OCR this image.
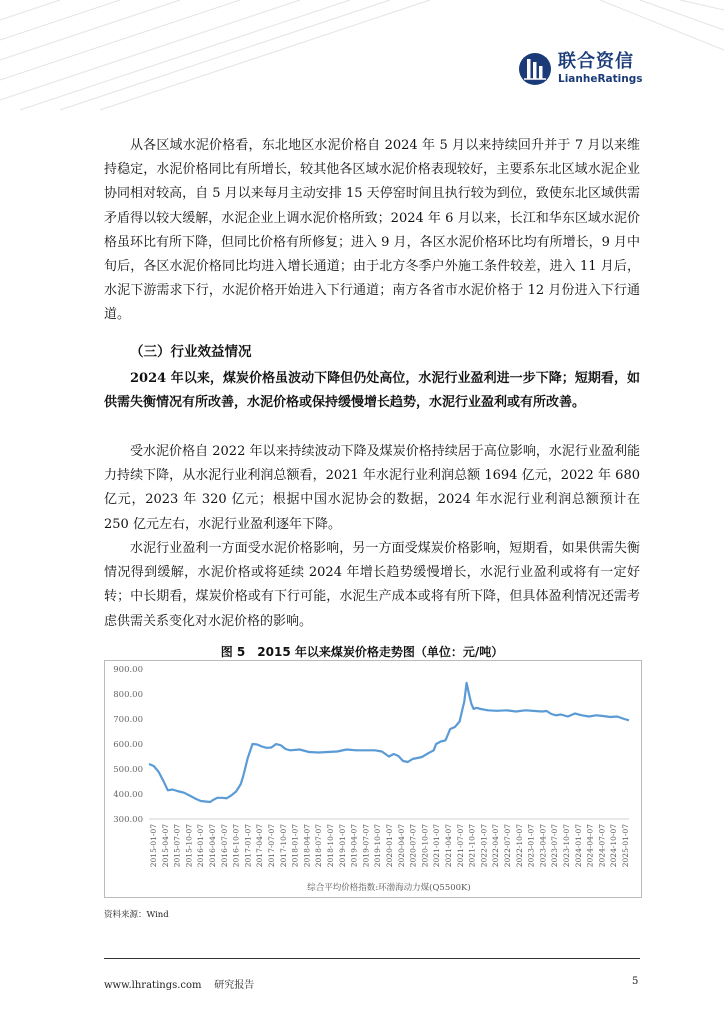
联合资信
LianheRatings

从各区域水泥价格看，东北地区水泥价格自 2024 年 5 月以来持续回升并于 7 月以来维持稳定，水泥价格同比有所增长，较其他各区域水泥价格表现较好，主要系东北区域水泥企业协同相对较高，自 5 月以来每月主动安排 15 天停窑时间且执行较为到位，致使东北区域供需矛盾得以较大缓解，水泥企业上调水泥价格所致；2024 年 6 月以来，长江和华东区域水泥价格虽环比有所下降，但同比价格有所修复；进入 9 月，各区水泥价格环比均有所增长，9 月中旬后，各区水泥价格同比均进入增长通道；由于北方冬季户外施工条件较差，进入 11 月后，水泥下游需求下行，水泥价格开始进入下行通道；南方各省市水泥价格于 12 月份进入下行通道。

（三）行业效益情况

2024 年以来，煤炭价格虽波动下降但仍处高位，水泥行业盈利进一步下降；短期看，如供需失衡情况有所改善，水泥价格或保持缓慢增长趋势，水泥行业盈利或有所改善。

受水泥价格自 2022 年以来持续波动下降及煤炭价格持续居于高位影响，水泥行业盈利能力持续下降，从水泥行业利润总额看，2021 年水泥行业利润总额 1694 亿元，2022 年 680 亿元，2023 年 320 亿元；根据中国水泥协会的数据，2024 年水泥行业利润总额预计在 250 亿元左右，水泥行业盈利逐年下降。

水泥行业盈利一方面受水泥价格影响，另一方面受煤炭价格影响，短期看，如果供需失衡情况得到缓解，水泥价格或将延续 2024 年增长趋势缓慢增长，水泥行业盈利或将有一定好转；中长期看，煤炭价格或有下行可能，水泥生产成本或将有所下降，但具体盈利情况还需考虑供需关系变化对水泥价格的影响。

图 5　2015 年以来煤炭价格走势图（单位：元/吨）
300.00
400.00
500.00
600.00
700.00
800.00
900.00
2015-01-07 2015-04-07 2015-07-07 2015-10-07 2016-01-07 2016-04-07 2016-07-07 2016-10-07 2017-01-07 2017-04-07 2017-07-07 2017-10-07 2018-01-07 2018-04-07 2018-07-07 2018-10-07 2019-01-07 2019-04-07 2019-07-07 2019-10-07 2020-01-07 2020-04-07 2020-07-07 2020-10-07 2021-01-07 2021-04-07 2021-07-07 2021-10-07 2022-01-07 2022-04-07 2022-07-07 2022-10-07 2023-01-07 2023-04-07 2023-07-07 2023-10-07 2024-01-07 2024-04-07 2024-07-07 2024-10-07 2025-01-07
综合平均价格指数:环渤海动力煤(Q5500K)
资料来源：Wind
www.lhratings.com 研究报告	5
